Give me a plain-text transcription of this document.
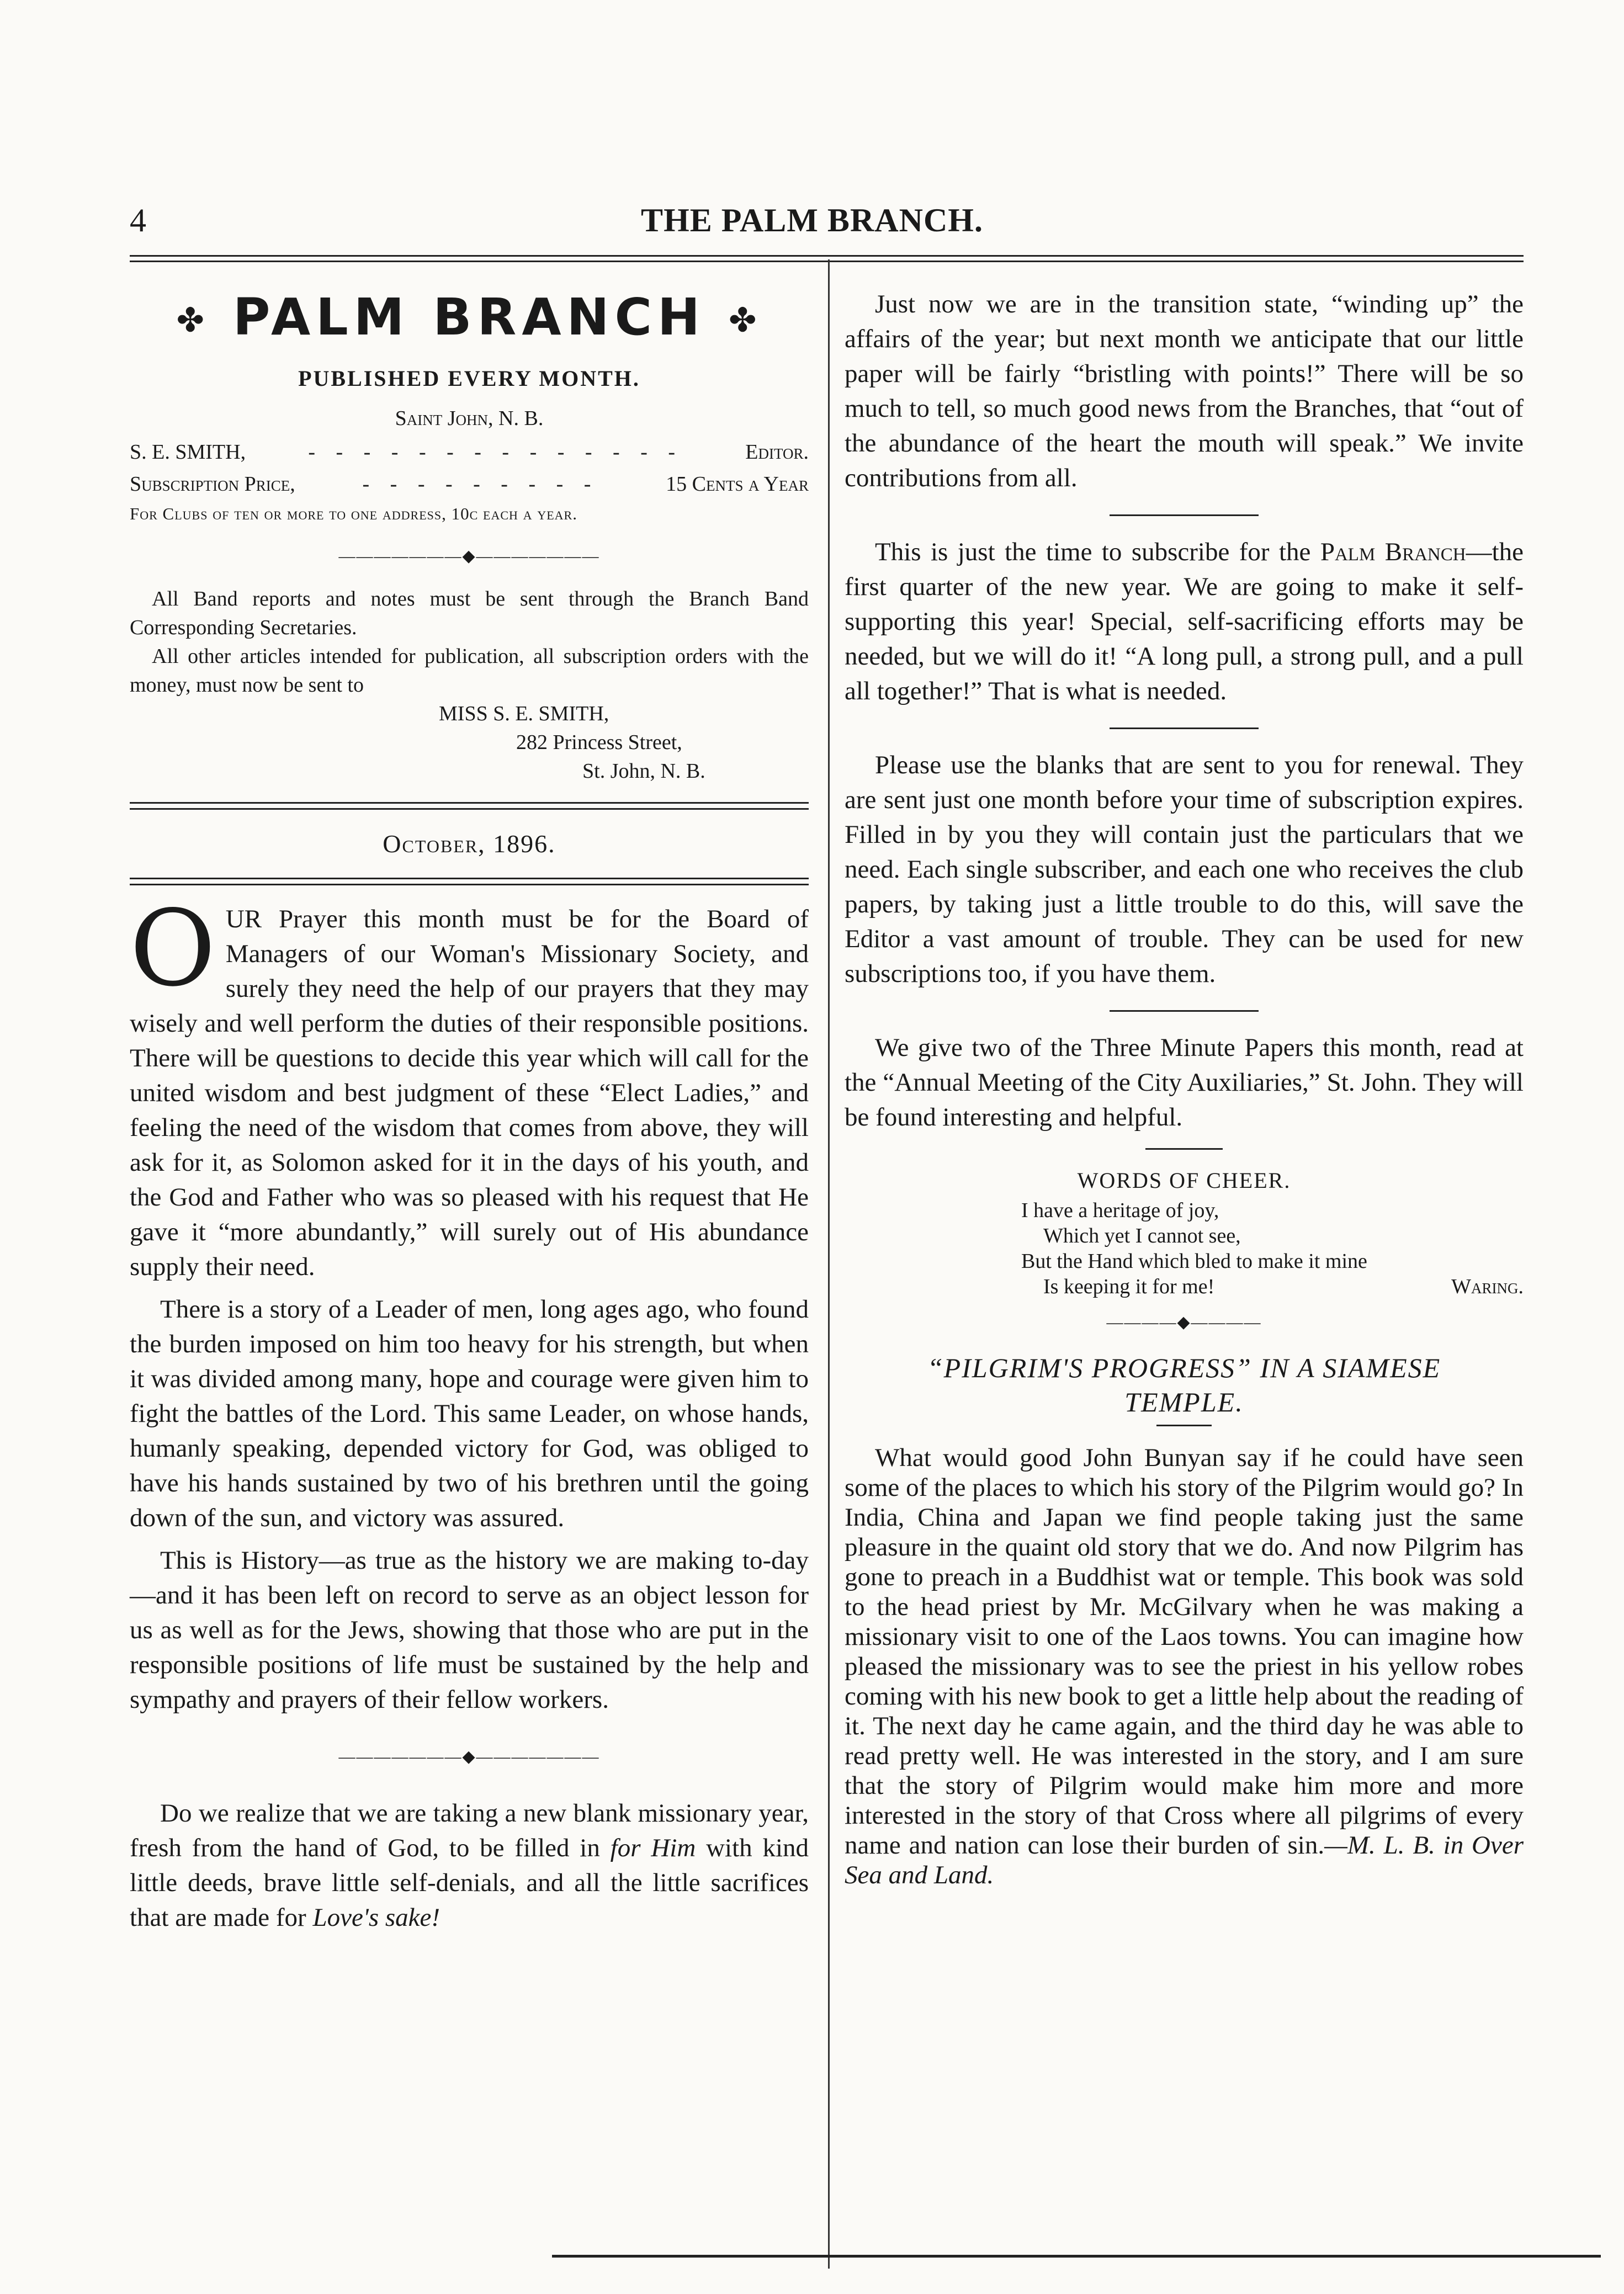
4	THE PALM BRANCH.
✤ PALM BRANCH ✤
PUBLISHED EVERY MONTH.
Saint John, N. B.
S. E. SMITH,	- - - - - - - - - - - - - -	Editor.
Subscription Price,	- - - - - - - - -	15 Cents a Year
For Clubs of ten or more to one address, 10c each a year.
———————◆———————

All Band reports and notes must be sent through the Branch Band Corresponding Secretaries.

All other articles intended for publication, all subscription orders with the money, must now be sent to

MISS S. E. SMITH,
282 Princess Street,
St. John, N. B.
October, 1896.

O UR Prayer this month must be for the Board of Managers of our Woman's Missionary Society, and surely they need the help of our prayers that they may wisely and well perform the duties of their responsible positions. There will be questions to decide this year which will call for the united wisdom and best judgment of these “Elect Ladies,” and feeling the need of the wisdom that comes from above, they will ask for it, as Solomon asked for it in the days of his youth, and the God and Father who was so pleased with his request that He gave it “more abundantly,” will surely out of His abundance supply their need.

There is a story of a Leader of men, long ages ago, who found the burden imposed on him too heavy for his strength, but when it was divided among many, hope and courage were given him to fight the battles of the Lord. This same Leader, on whose hands, humanly speaking, depended victory for God, was obliged to have his hands sustained by two of his brethren until the going down of the sun, and victory was assured.

This is History—as true as the history we are making to-day—and it has been left on record to serve as an object lesson for us as well as for the Jews, showing that those who are put in the responsible positions of life must be sustained by the help and sympathy and prayers of their fellow workers.

———————◆———————

Do we realize that we are taking a new blank missionary year, fresh from the hand of God, to be filled in for Him with kind little deeds, brave little self-denials, and all the little sacrifices that are made for Love's sake!

Just now we are in the transition state, “winding up” the affairs of the year; but next month we anticipate that our little paper will be fairly “bristling with points!” There will be so much to tell, so much good news from the Branches, that “out of the abundance of the heart the mouth will speak.” We invite contributions from all.

This is just the time to subscribe for the Palm Branch—the first quarter of the new year. We are going to make it self-supporting this year! Special, self-sacrificing efforts may be needed, but we will do it! “A long pull, a strong pull, and a pull all together!” That is what is needed.

Please use the blanks that are sent to you for renewal. They are sent just one month before your time of subscription expires. Filled in by you they will contain just the particulars that we need. Each single subscriber, and each one who receives the club papers, by taking just a little trouble to do this, will save the Editor a vast amount of trouble. They can be used for new subscriptions too, if you have them.

We give two of the Three Minute Papers this month, read at the “Annual Meeting of the City Auxiliaries,” St. John. They will be found interesting and helpful.

WORDS OF CHEER.
I have a heritage of joy,
Which yet I cannot see,
But the Hand which bled to make it mine
Is keeping it for me!	Waring.
————◆————
“PILGRIM'S PROGRESS” IN A SIAMESE
TEMPLE.

What would good John Bunyan say if he could have seen some of the places to which his story of the Pilgrim would go? In India, China and Japan we find people taking just the same pleasure in the quaint old story that we do. And now Pilgrim has gone to preach in a Buddhist wat or temple. This book was sold to the head priest by Mr. McGilvary when he was making a missionary visit to one of the Laos towns. You can imagine how pleased the missionary was to see the priest in his yellow robes coming with his new book to get a little help about the reading of it. The next day he came again, and the third day he was able to read pretty well. He was interested in the story, and I am sure that the story of Pilgrim would make him more and more interested in the story of that Cross where all pilgrims of every name and nation can lose their burden of sin.—M. L. B. in Over Sea and Land.
